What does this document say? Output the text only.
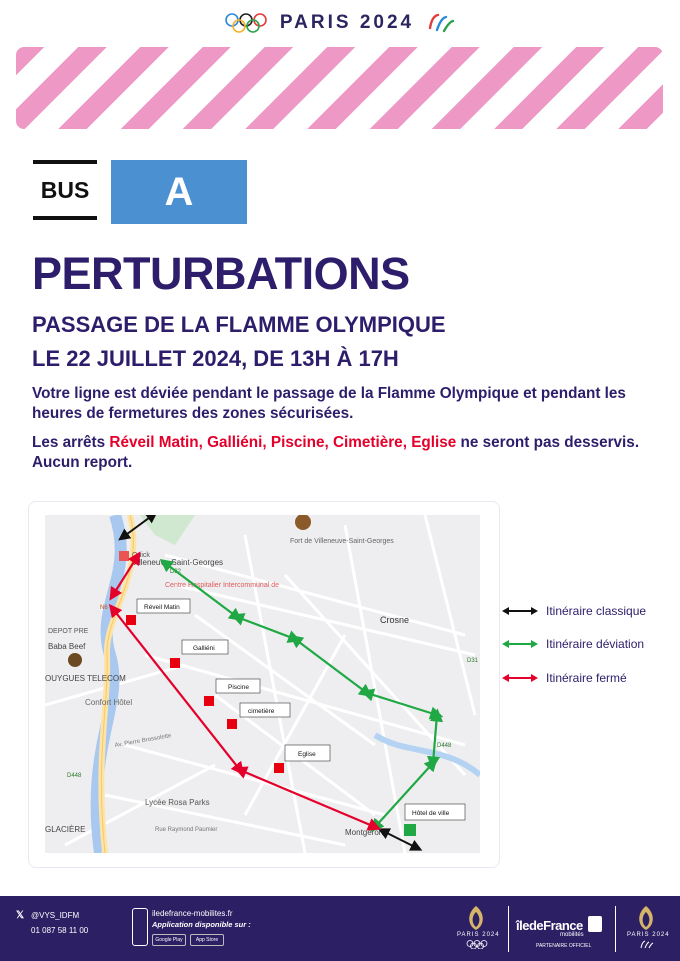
PARIS 2024
BUS	A
PERTURBATIONS
PASSAGE DE LA FLAMME OLYMPIQUE
LE 22 JUILLET 2024, DE 13H À 17H
Votre ligne est déviée pendant le passage de la Flamme Olympique et pendant les heures de fermetures des zones sécurisées.
Les arrêts Réveil Matin, Galliéni, Piscine, Cimetière, Eglise ne seront pas desservis. Aucun report.
Quick
Villeneuve-Saint-Georges
Fort de Villeneuve-Saint-Georges
Centre Hospitalier Intercommunal de
Crosne
DEPOT PRE
Baba Beef
OUYGUES TELECOM
Confort Hôtel
Lycée Rosa Parks
GLACIÈRE	Montgeron
Rue Raymond Paumier
Av. Pierre Brossolette
D32
D448
D448
N6
D31
Réveil Matin
Galliéni
Piscine
cimetière
Eglise
Hôtel de ville
Itinéraire classique
Itinéraire déviation
Itinéraire fermé
𝕏 @VYS_IDFM
01 087 58 11 00
iledefrance-mobilites.fr
Application disponible sur :
Google Play	App Store
PARIS 2024
îledeFrance
mobilités
PARTENAIRE OFFICIEL
PARIS 2024
